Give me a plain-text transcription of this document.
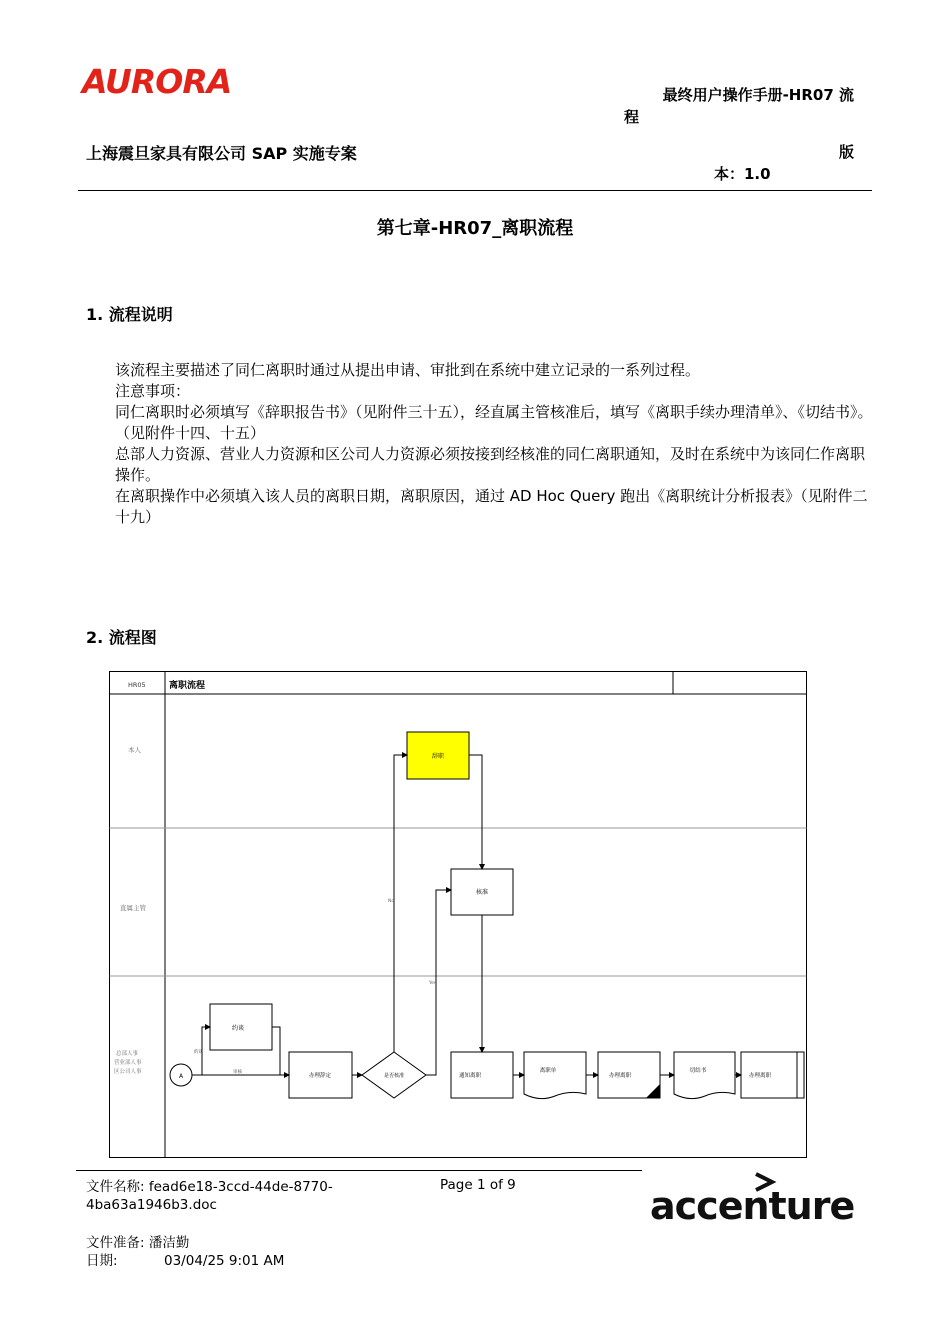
AURORA	最终用户操作手册-HR07 流
程
上海震旦家具有限公司 SAP 实施专案	版
本：1.0
第七章-HR07_离职流程
1. 流程说明

该流程主要描述了同仁离职时通过从提出申请、审批到在系统中建立记录的一系列过程。

注意事项：

同仁离职时必须填写《辞职报告书》（见附件三十五），经直属主管核准后，填写《离职手续办理清单》、《切结书》。（见附件十四、十五）

总部人力资源、营业人力资源和区公司人力资源必须按接到经核准的同仁离职通知，及时在系统中为该同仁作离职操作。

在离职操作中必须填入该人员的离职日期，离职原因，通过 AD Hoc Query 跑出《离职统计分析报表》（见附件二十九）

2. 流程图
HR05	离职流程
本人
直属主管
总部人事营业部人事区公司人事
辞职
核准
约谈
A	办理辞定	是否核准	通知离职
离职单
办理离职
切结书
办理离职
审核
约谈
No
Yes
文件名称: fead6e18-3ccd-44de-8770-4ba63a1946b3.doc
文件准备: 潘洁勤
日期:	03/04/25 9:01 AM
Page 1 of 9	accenture
